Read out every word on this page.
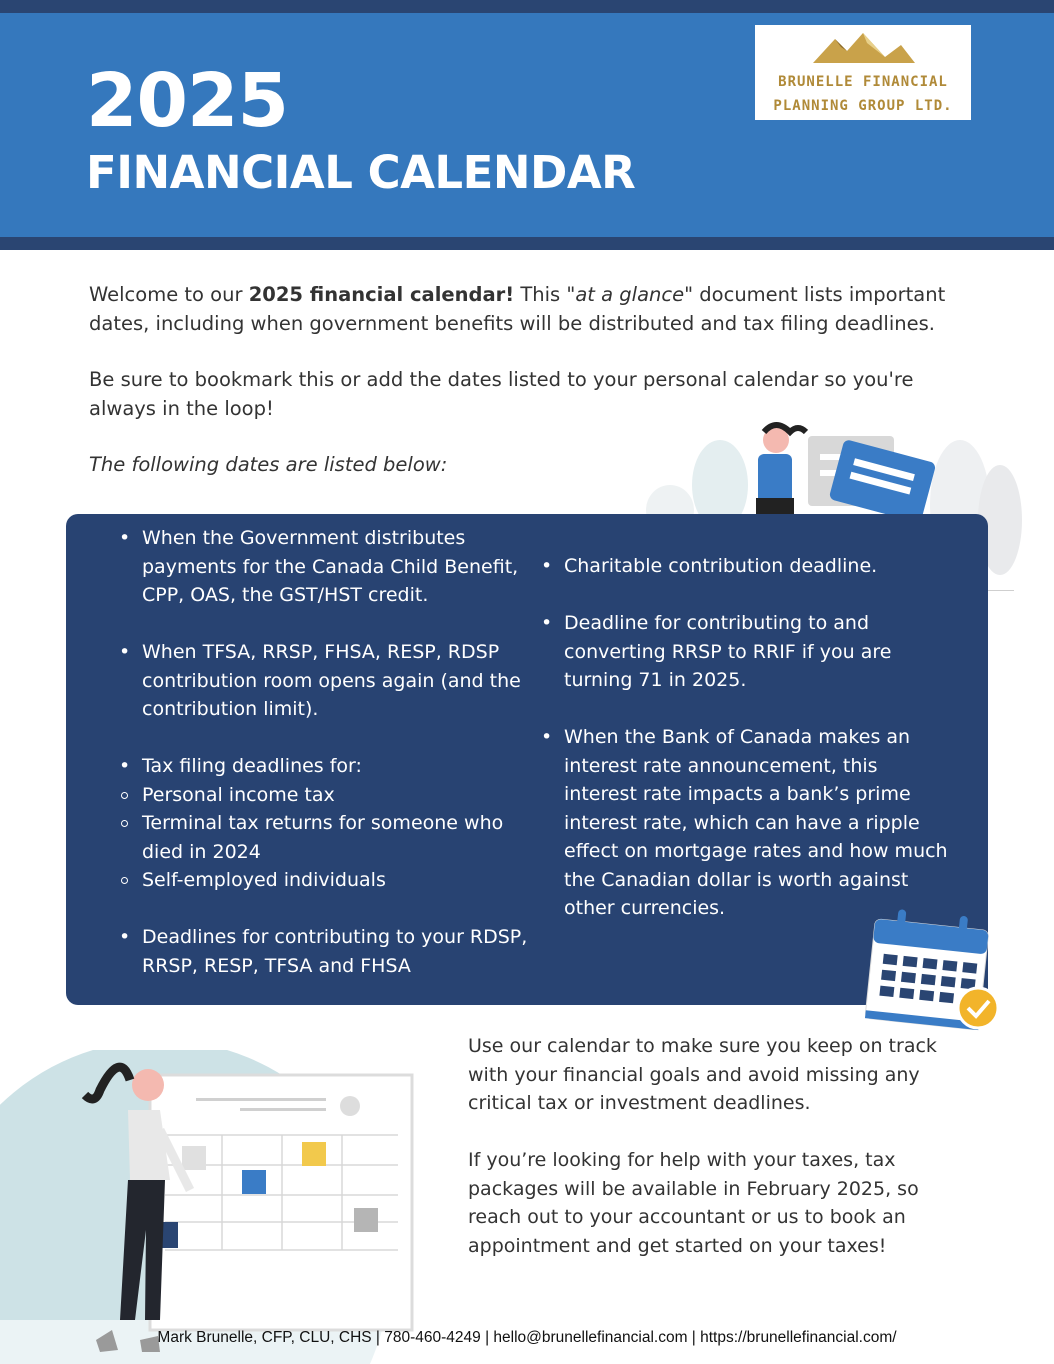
2025
FINANCIAL CALENDAR
BRUNELLE FINANCIAL
PLANNING GROUP LTD.
Welcome to our 2025 financial calendar! This "at a glance" document lists important dates, including when government benefits will be distributed and tax filing deadlines.
Be sure to bookmark this or add the dates listed to your personal calendar so you're always in the loop!
The following dates are listed below:
• When the Government distributes payments for the Canada Child Benefit, CPP, OAS, the GST/HST credit.
• When TFSA, RRSP, FHSA, RESP, RDSP contribution room opens again (and the contribution limit).
• Tax filing deadlines for:
Personal income tax
Terminal tax returns for someone who died in 2024
Self-employed individuals
• Deadlines for contributing to your RDSP, RRSP, RESP, TFSA and FHSA
• Charitable contribution deadline.
• Deadline for contributing to and converting RRSP to RRIF if you are turning 71 in 2025.
• When the Bank of Canada makes an interest rate announcement, this interest rate impacts a bank’s prime interest rate, which can have a ripple effect on mortgage rates and how much the Canadian dollar is worth against other currencies.
Use our calendar to make sure you keep on track with your financial goals and avoid missing any critical tax or investment deadlines.
If you’re looking for help with your taxes, tax packages will be available in February 2025, so reach out to your accountant or us to book an appointment and get started on your taxes!
Mark Brunelle, CFP, CLU, CHS | 780-460-4249 | hello@brunellefinancial.com | https://brunellefinancial.com/
